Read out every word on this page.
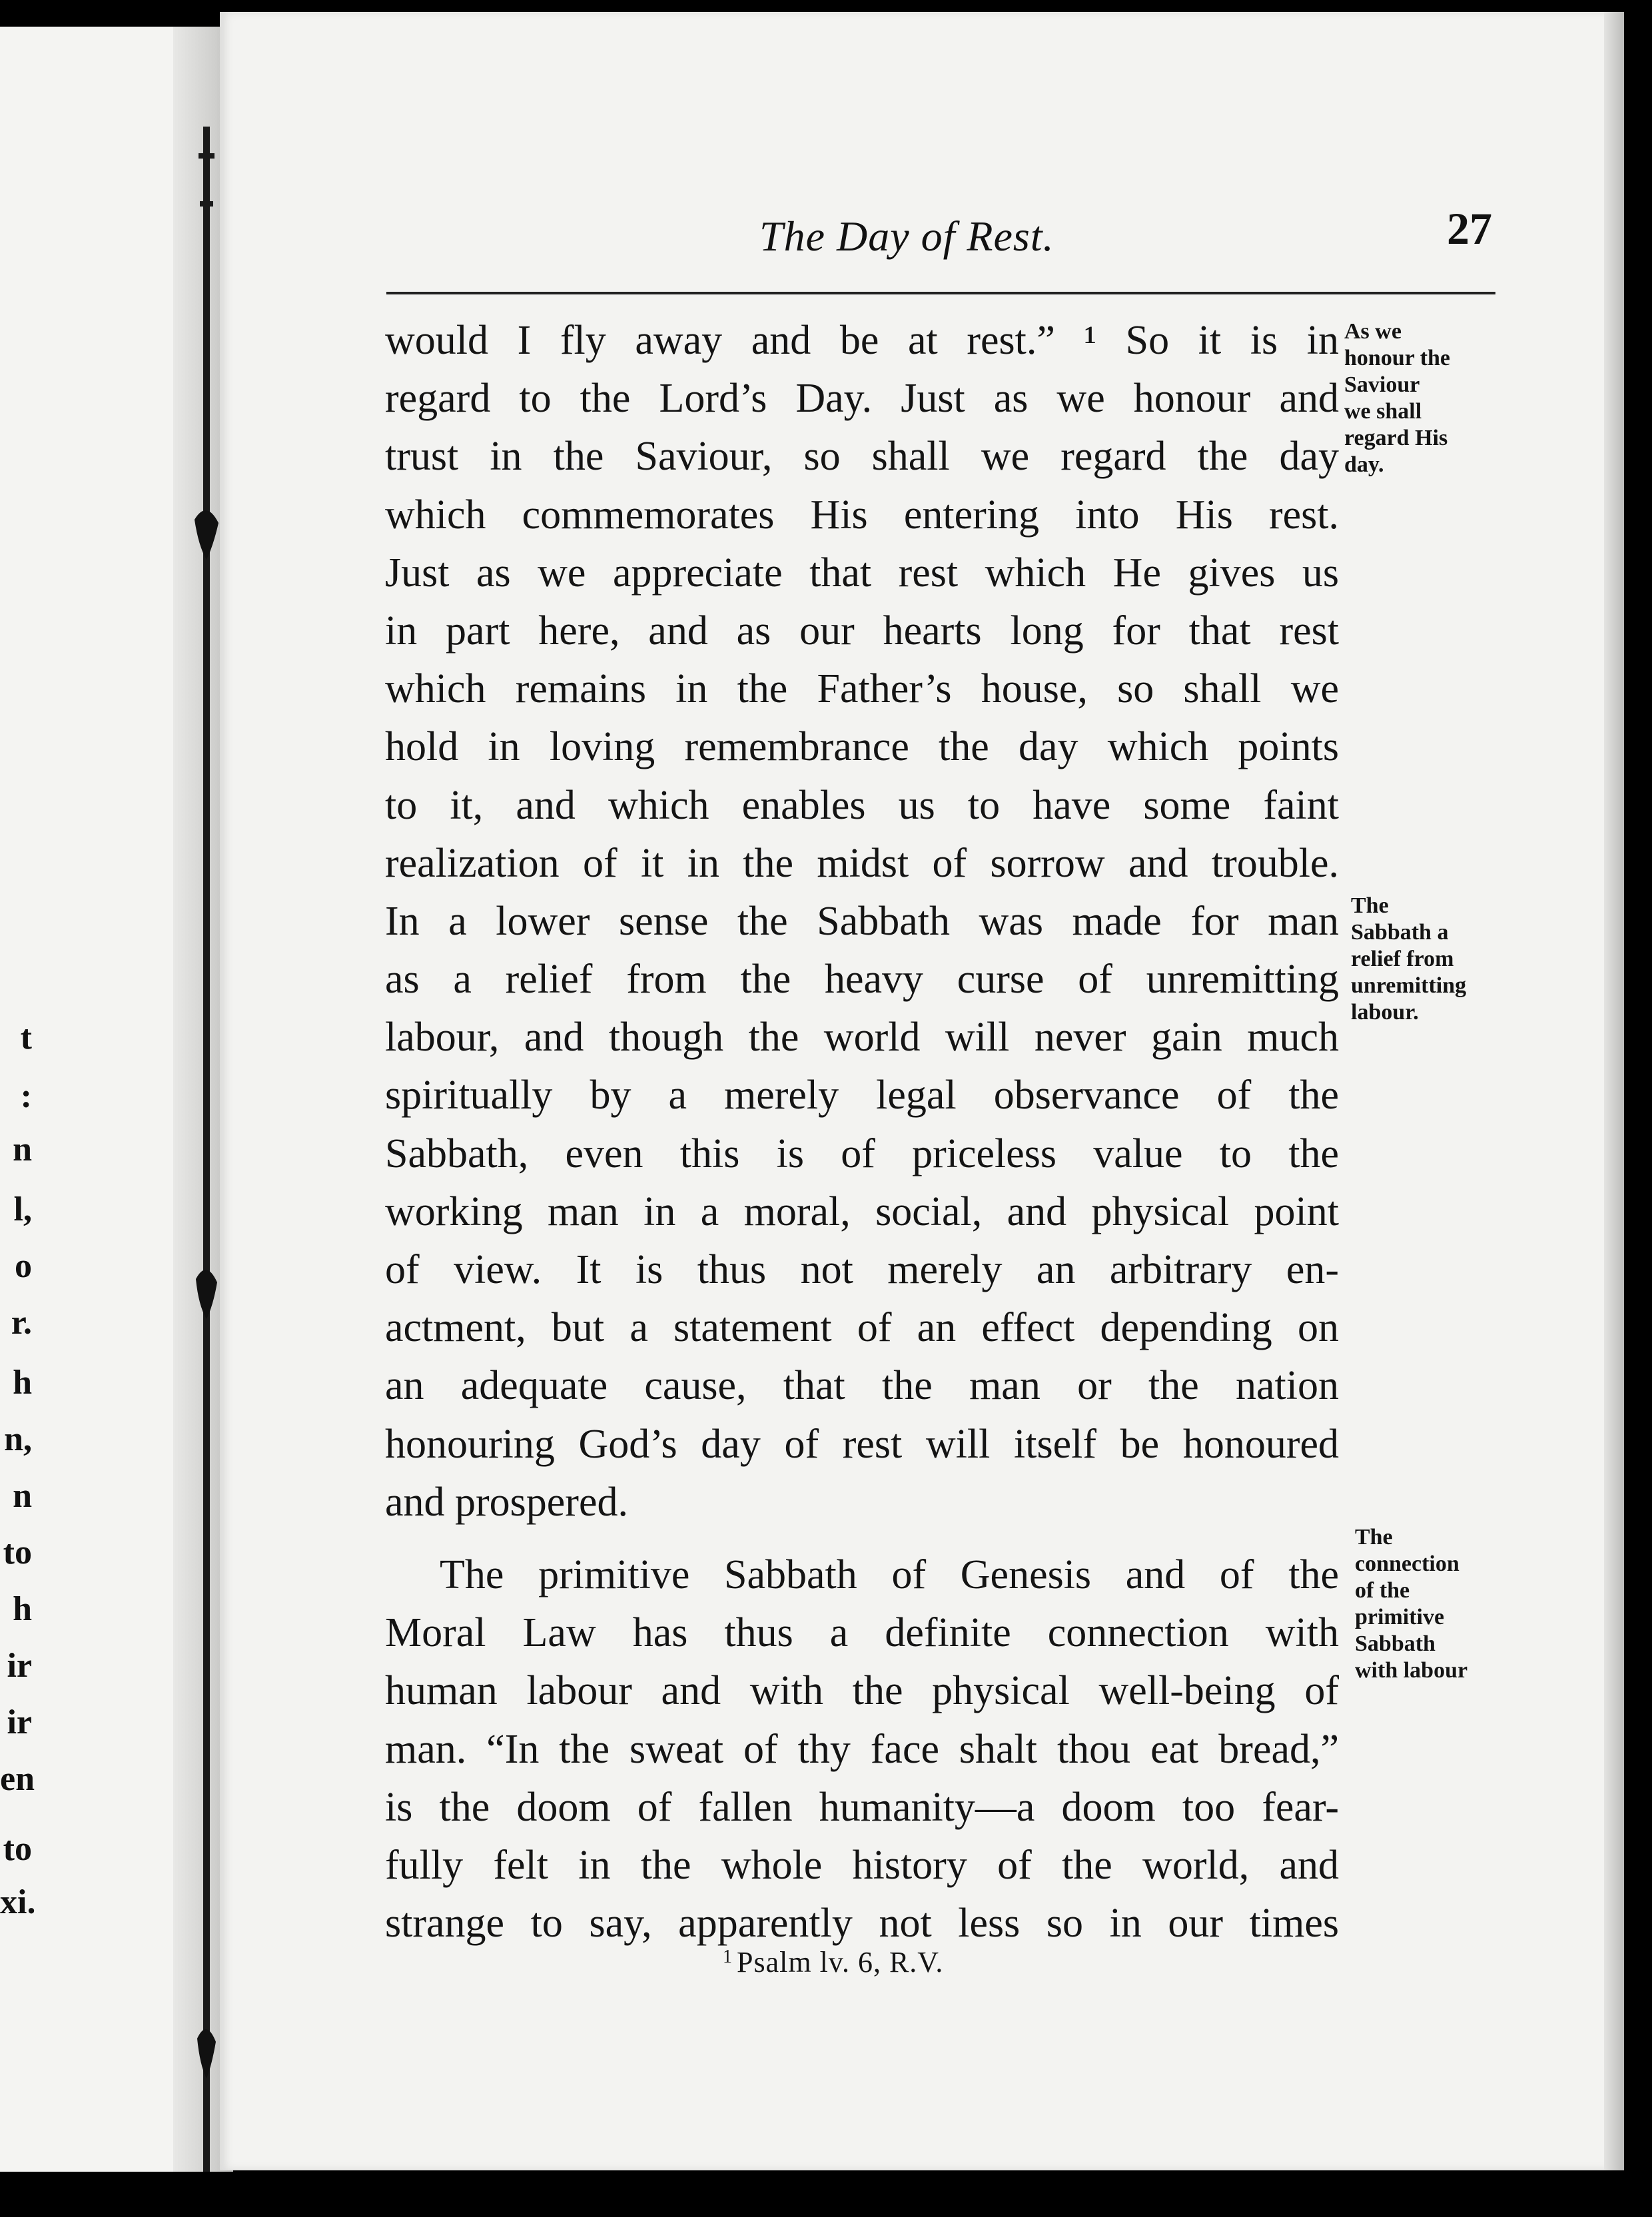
t
:
n
l,
o
r.
h
n,
n
to
h
ir
ir
en
to
xi.
The Day of Rest.	27
would I fly away and be at rest.” ¹ So it is in
regard to the Lord’s Day. Just as we honour and
trust in the Saviour, so shall we regard the day
which commemorates His entering into His rest.
Just as we appreciate that rest which He gives us
in part here, and as our hearts long for that rest
which remains in the Father’s house, so shall we
hold in loving remembrance the day which points
to it, and which enables us to have some faint
realization of it in the midst of sorrow and trouble.
In a lower sense the Sabbath was made for man
as a relief from the heavy curse of unremitting
labour, and though the world will never gain much
spiritually by a merely legal observance of the
Sabbath, even this is of priceless value to the
working man in a moral, social, and physical point
of view. It is thus not merely an arbitrary en-
actment, but a statement of an effect depending on
an adequate cause, that the man or the nation
honouring God’s day of rest will itself be honoured
and prospered.
The primitive Sabbath of Genesis and of the
Moral Law has thus a definite connection with
human labour and with the physical well-being of
man. “In the sweat of thy face shalt thou eat bread,”
is the doom of fallen humanity—a doom too fear-
fully felt in the whole history of the world, and
strange to say, apparently not less so in our times
As we
honour the
Saviour
we shall
regard His
day.
The
Sabbath a
relief from
unremitting
labour.
The
connection
of the
primitive
Sabbath
with labour
$^1$ Psalm lv. 6, R.V.
